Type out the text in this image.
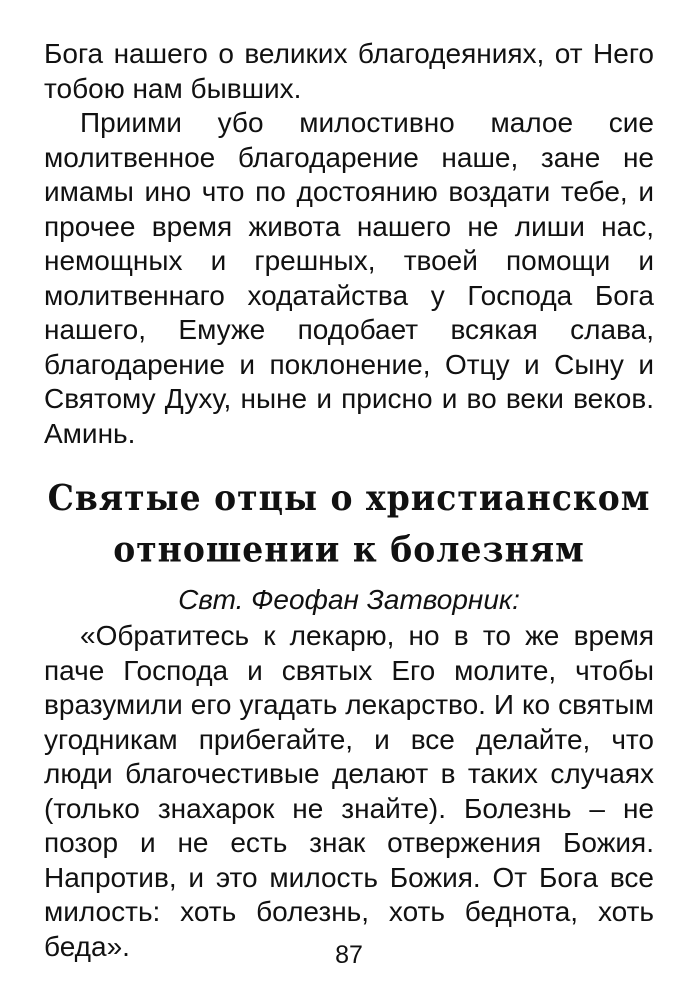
Бога нашего о великих благодеяниях, от Него тобою нам бывших.

Приими убо милостивно малое сие молитвенное благодарение наше, зане не имамы ино что по достоянию воздати тебе, и прочее время живота нашего не лиши нас, немощных и грешных, твоей помощи и молитвеннаго ходатайства у Господа Бога нашего, Емуже подобает всякая слава, благодарение и поклонение, Отцу и Сыну и Святому Духу, ныне и присно и во веки веков. Аминь.

Святые отцы о христианском
отношении к болезням
Свт. Феофан Затворник:

«Обратитесь к лекарю, но в то же время паче Господа и святых Его молите, чтобы вразумили его угадать лекарство. И ко святым угодникам прибегайте, и все делайте, что люди благочестивые делают в таких случаях (только знахарок не знайте). Болезнь – не позор и не есть знак отвержения Божия. Напротив, и это милость Божия. От Бога все милость: хоть болезнь, хоть беднота, хоть беда».	87
